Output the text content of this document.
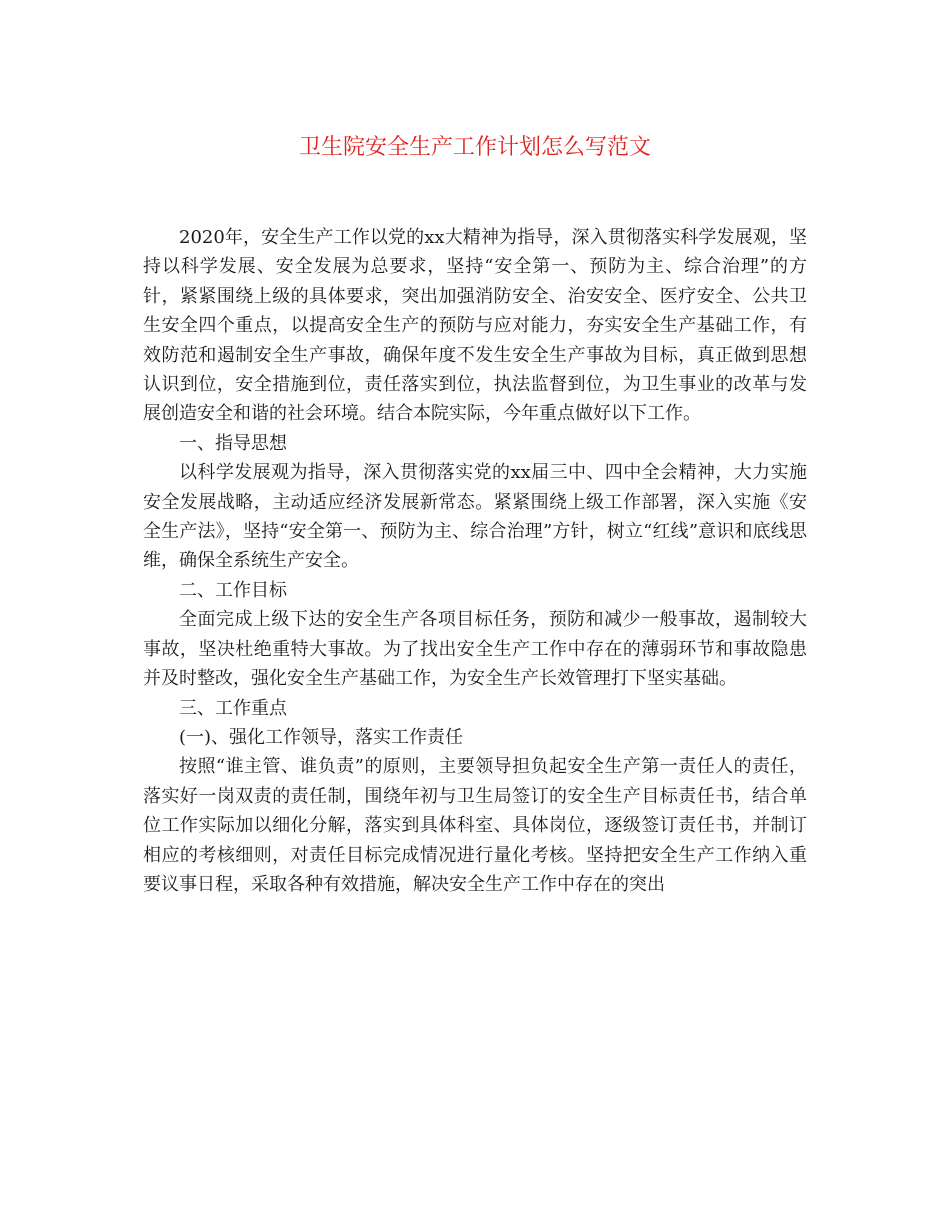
卫生院安全生产工作计划怎么写范文

2020年，安全生产工作以党的xx大精神为指导，深入贯彻落实科学发展观，坚持以科学发展、安全发展为总要求，坚持“安全第一、预防为主、综合治理”的方针，紧紧围绕上级的具体要求，突出加强消防安全、治安安全、医疗安全、公共卫生安全四个重点，以提高安全生产的预防与应对能力，夯实安全生产基础工作，有效防范和遏制安全生产事故，确保年度不发生安全生产事故为目标，真正做到思想认识到位，安全措施到位，责任落实到位，执法监督到位，为卫生事业的改革与发展创造安全和谐的社会环境。结合本院实际，今年重点做好以下工作。

一、指导思想

以科学发展观为指导，深入贯彻落实党的xx届三中、四中全会精神，大力实施安全发展战略，主动适应经济发展新常态。紧紧围绕上级工作部署，深入实施《安全生产法》，坚持“安全第一、预防为主、综合治理”方针，树立“红线”意识和底线思维，确保全系统生产安全。

二、工作目标

全面完成上级下达的安全生产各项目标任务，预防和减少一般事故，遏制较大事故，坚决杜绝重特大事故。为了找出安全生产工作中存在的薄弱环节和事故隐患并及时整改，强化安全生产基础工作，为安全生产长效管理打下坚实基础。

三、工作重点

(一)、强化工作领导，落实工作责任

按照“谁主管、谁负责”的原则，主要领导担负起安全生产第一责任人的责任，落实好一岗双责的责任制，围绕年初与卫生局签订的安全生产目标责任书，结合单位工作实际加以细化分解，落实到具体科室、具体岗位，逐级签订责任书，并制订相应的考核细则，对责任目标完成情况进行量化考核。坚持把安全生产工作纳入重要议事日程，采取各种有效措施，解决安全生产工作中存在的突出
